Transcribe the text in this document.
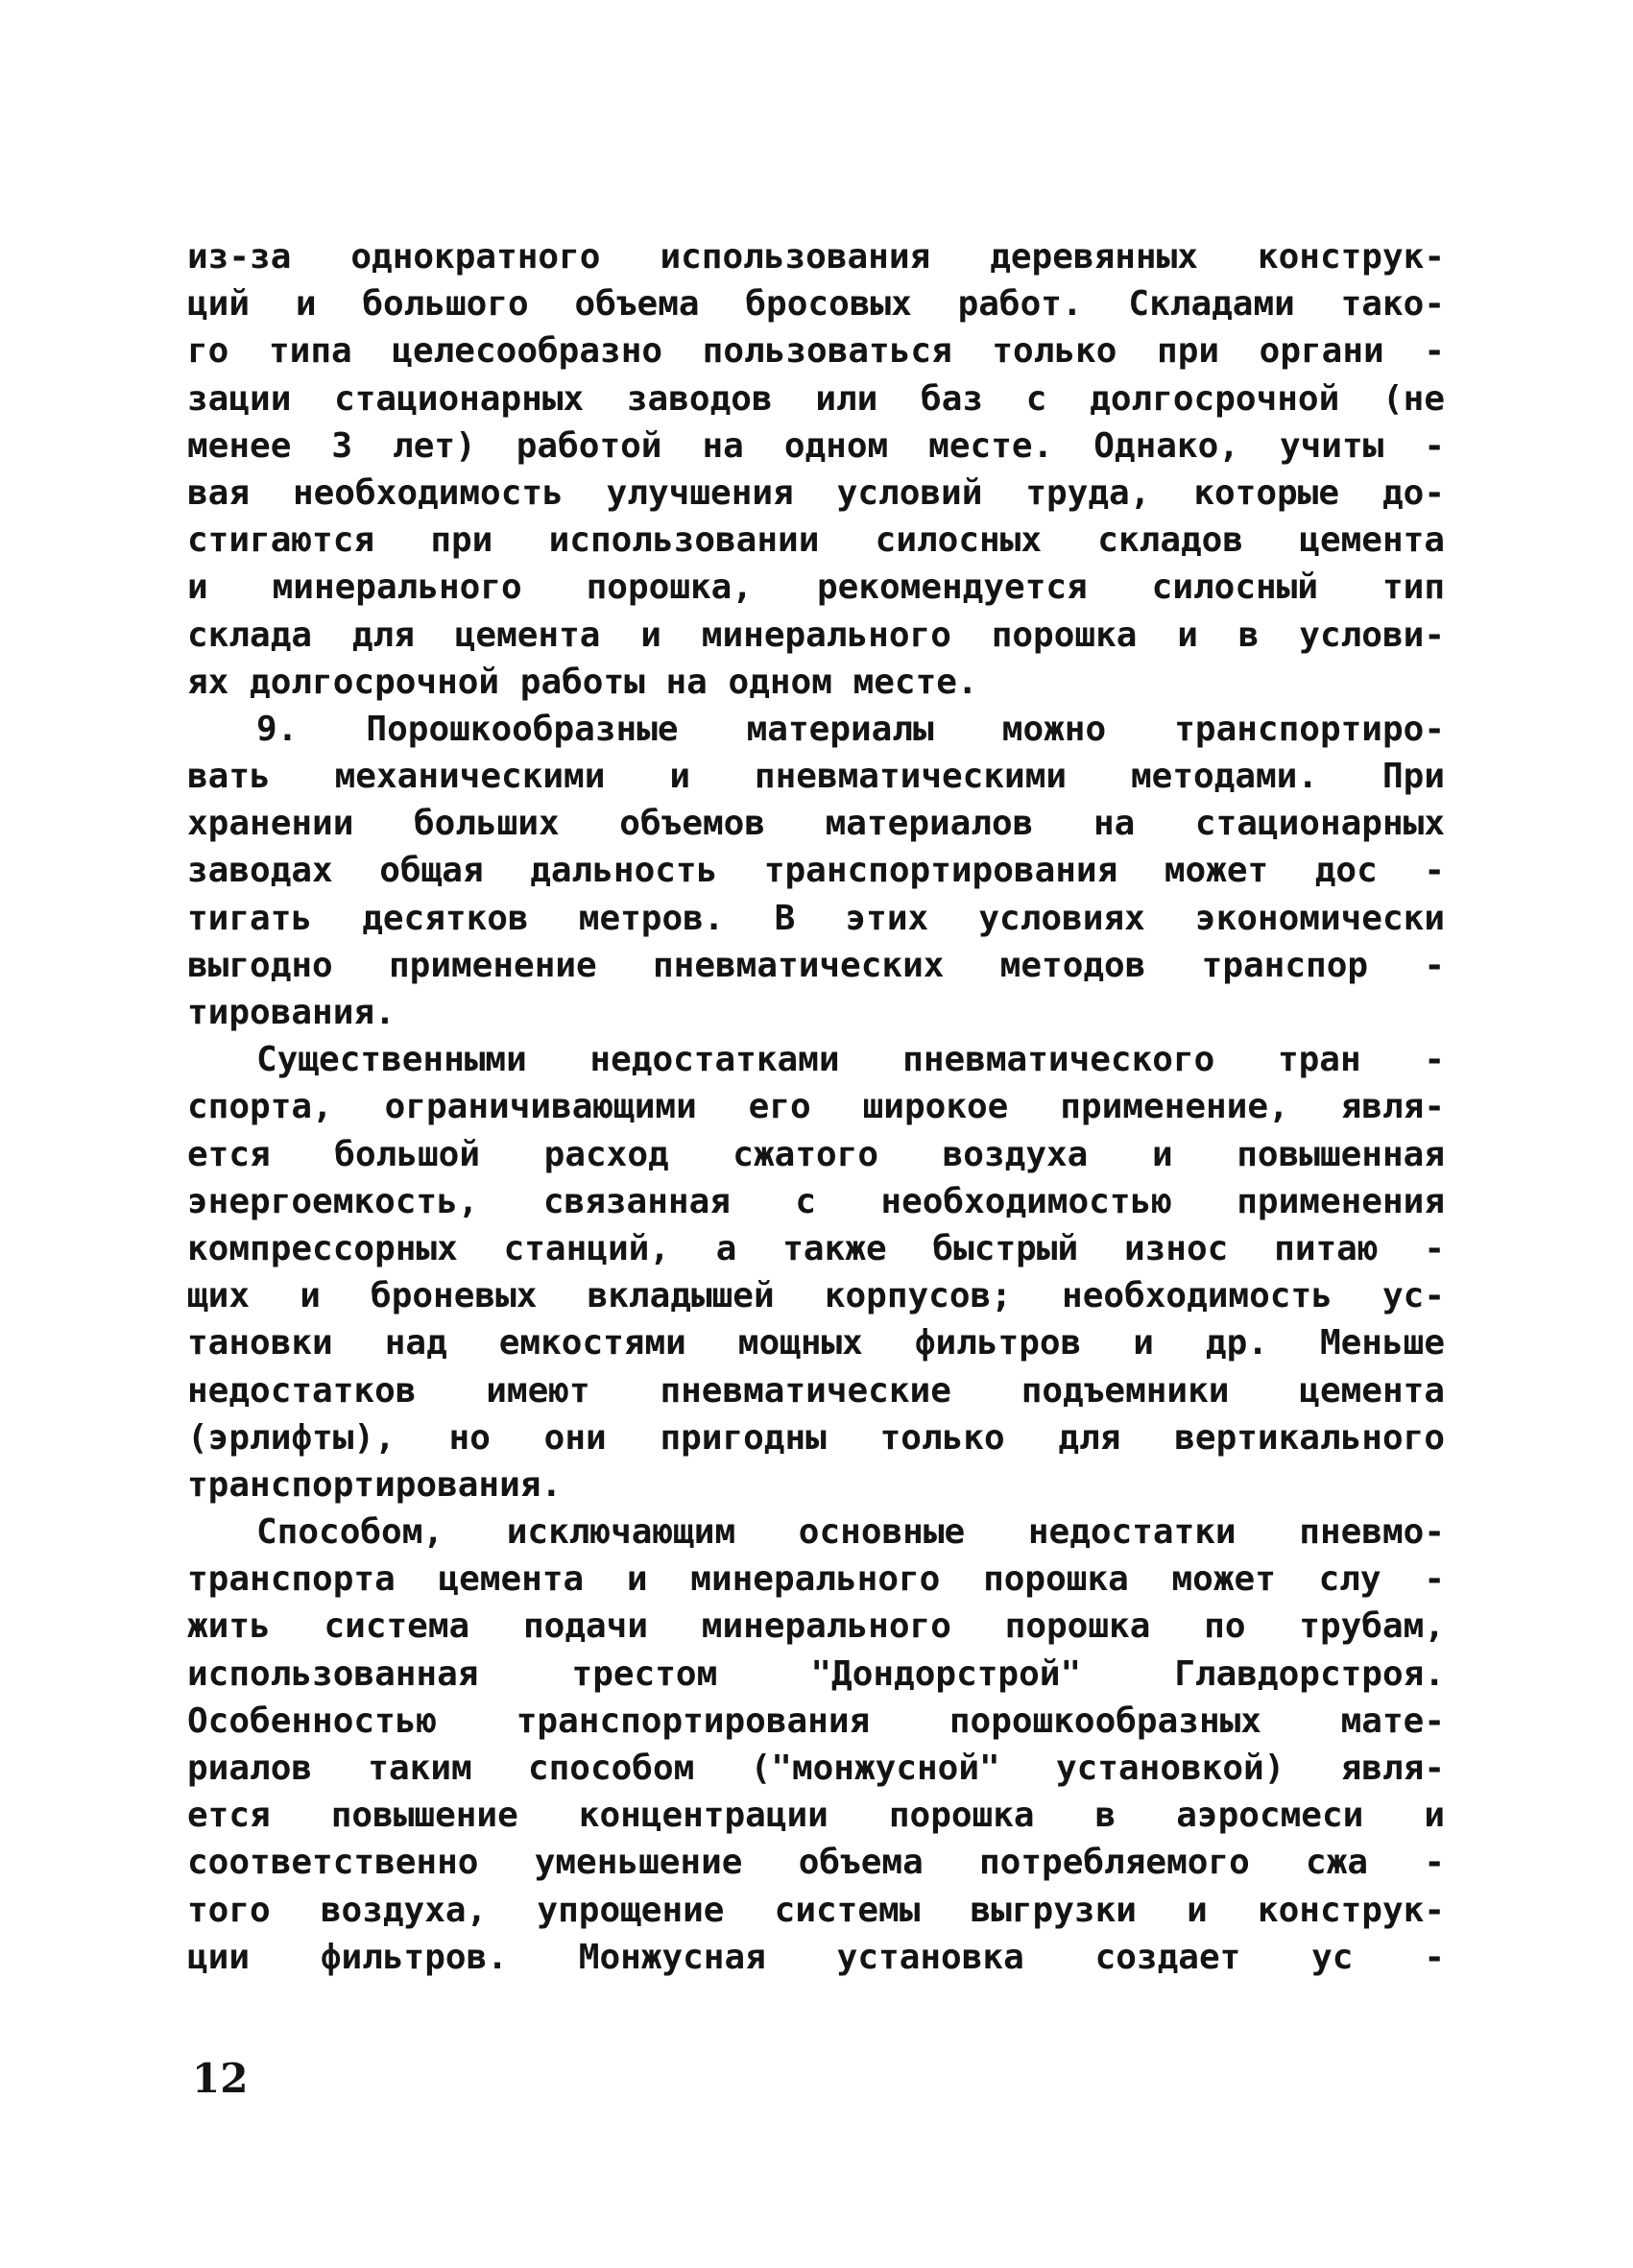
из-за однократного использования деревянных конструк-
ций и большого объема бросовых работ. Складами тако-
го типа целесообразно пользоваться только при органи -
зации стационарных заводов или баз с долгосрочной (не
менее 3 лет) работой на одном месте. Однако, учиты -
вая необходимость улучшения условий труда, которые до-
стигаются при использовании силосных складов цемента
и минерального порошка, рекомендуется силосный тип
склада для цемента и минерального порошка и в услови-
ях долгосрочной работы на одном месте.
9. Порошкообразные материалы можно транспортиро-
вать механическими и пневматическими методами. При
хранении больших объемов материалов на стационарных
заводах общая дальность транспортирования может дос -
тигать десятков метров. В этих условиях экономически
выгодно применение пневматических методов транспор -
тирования.
Существенными недостатками пневматического тран -
спорта, ограничивающими его широкое применение, явля-
ется большой расход сжатого воздуха и повышенная
энергоемкость, связанная с необходимостью применения
компрессорных станций, а также быстрый износ питаю -
щих и броневых вкладышей корпусов; необходимость ус-
тановки над емкостями мощных фильтров и др. Меньше
недостатков имеют пневматические подъемники цемента
(эрлифты), но они пригодны только для вертикального
транспортирования.
Способом, исключающим основные недостатки пневмо-
транспорта цемента и минерального порошка может слу -
жить система подачи минерального порошка по трубам,
использованная трестом "Дондорстрой" Главдорстроя.
Особенностью транспортирования порошкообразных мате-
риалов таким способом ("монжусной" установкой) явля-
ется повышение концентрации порошка в аэросмеси и
соответственно уменьшение объема потребляемого сжа -
того воздуха, упрощение системы выгрузки и конструк-
ции фильтров. Монжусная установка создает ус -
12
